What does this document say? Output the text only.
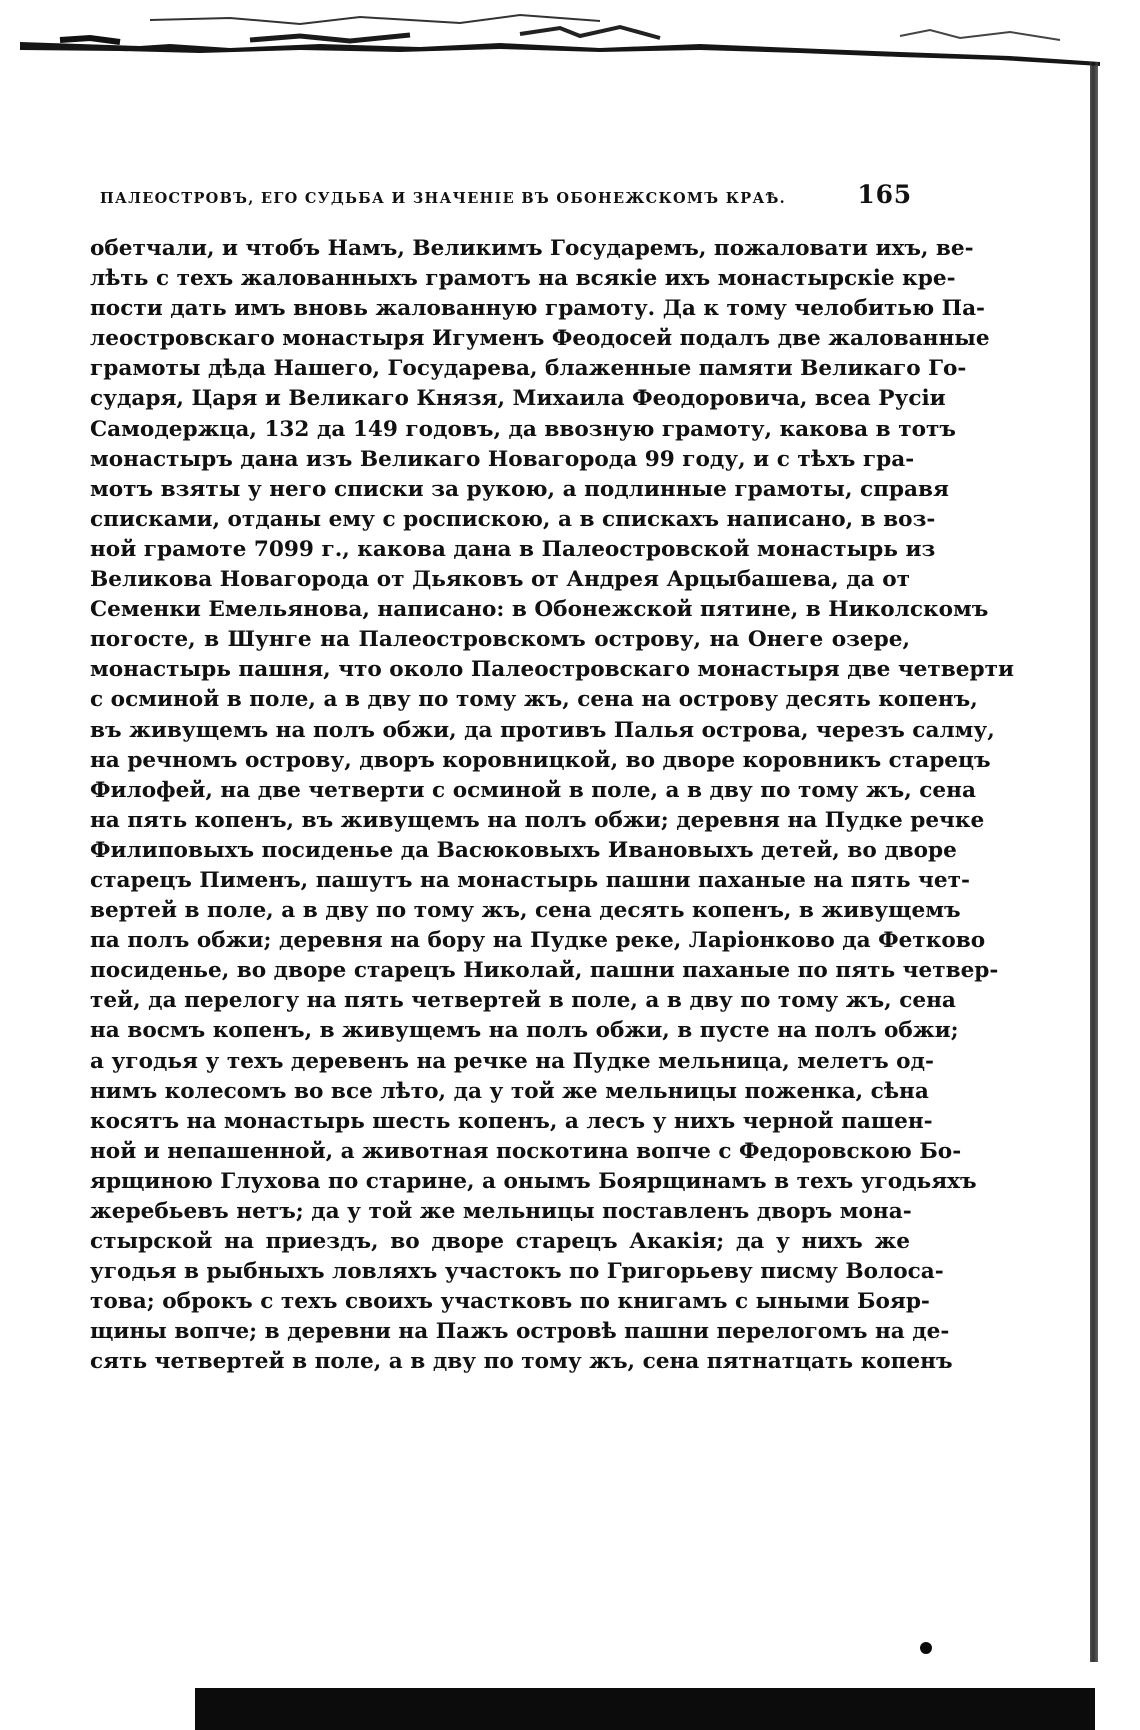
ПАЛЕОСТРОВЪ, ЕГО СУДЬБА И ЗНАЧЕНІЕ ВЪ ОБОНЕЖСКОМЪ КРАѢ.	165
обетчали, и чтобъ Намъ, Великимъ Государемъ, пожаловати ихъ, ве-
лѣть с техъ жалованныхъ грамотъ на всякіе ихъ монастырскіе кре-
пости дать имъ вновь жалованную грамоту. Да к тому челобитью Па-
леостровскаго монастыря Игуменъ Феодосей подалъ две жалованные
грамоты дѣда Нашего, Государева, блаженные памяти Великаго Го-
сударя, Царя и Великаго Князя, Михаила Феодоровича, всеа Русіи
Самодержца, 132 да 149 годовъ, да ввозную грамоту, какова в тотъ
монастыръ дана изъ Великаго Новагорода 99 году, и с тѣхъ гра-
мотъ взяты у него списки за рукою, а подлинные грамоты, справя
списками, отданы ему с роспискою, а в спискахъ написано, в воз-
ной грамоте 7099 г., какова дана в Палеостровской монастырь из
Великова Новагорода от Дьяковъ от Андрея Арцыбашева, да от
Семенки Емельянова, написано: в Обонежской пятине, в Николскомъ
погосте, в Шунге на Палеостровскомъ острову, на Онеге озере,
монастырь пашня, что около Палеостровскаго монастыря две четверти
с осминой в поле, а в дву по тому жъ, сена на острову десять копенъ,
въ живущемъ на полъ обжи, да противъ Палья острова, черезъ салму,
на речномъ острову, дворъ коровницкой, во дворе коровникъ старецъ
Филофей, на две четверти с осминой в поле, а в дву по тому жъ, сена
на пять копенъ, въ живущемъ на полъ обжи; деревня на Пудке речке
Филиповыхъ посиденье да Васюковыхъ Ивановыхъ детей, во дворе
старецъ Пименъ, пашутъ на монастырь пашни паханые на пять чет-
вертей в поле, а в дву по тому жъ, сена десять копенъ, в живущемъ
па полъ обжи; деревня на бору на Пудке реке, Ларіонково да Фетково
посиденье, во дворе старецъ Николай, пашни паханые по пять четвер-
тей, да перелогу на пять четвертей в поле, а в дву по тому жъ, сена
на восмъ копенъ, в живущемъ на полъ обжи, в пусте на полъ обжи;
а угодья у техъ деревенъ на речке на Пудке мельница, мелетъ од-
нимъ колесомъ во все лѣто, да у той же мельницы поженка, сѣна
косятъ на монастырь шесть копенъ, а лесъ у нихъ черной пашен-
ной и непашенной, а животная поскотина вопче с Федоровскою Бо-
ярщиною Глухова по старине, а онымъ Боярщинамъ в техъ угодьяхъ
жеребьевъ нетъ; да у той же мельницы поставленъ дворъ мона-
стырской на приездъ, во дворе старецъ Акакія; да у нихъ же
угодья в рыбныхъ ловляхъ участокъ по Григорьеву писму Волоса-
това; оброкъ с техъ своихъ участковъ по книгамъ с ыными Бояр-
щины вопче; в деревни на Пажъ островѣ пашни перелогомъ на де-
сять четвертей в поле, а в дву по тому жъ, сена пятнатцать копенъ
